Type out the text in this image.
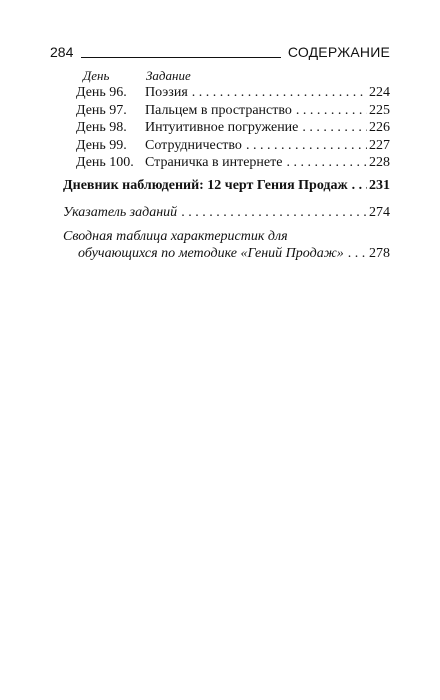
284	СОДЕРЖАНИЕ
День	Задание
День 96. Поэзия . . .	224
День 97. Пальцем в пространство . . .	225
День 98. Интуитивное погружение . . .	226
День 99. Сотрудничество . . .	227
День 100. Страничка в интернете . . .	228
Дневник наблюдений: 12 черт Гения Продаж . . . 231
Указатель заданий . . .	274
Сводная таблица характеристик для
обучающихся по методике «Гений Продаж» . . . 278
